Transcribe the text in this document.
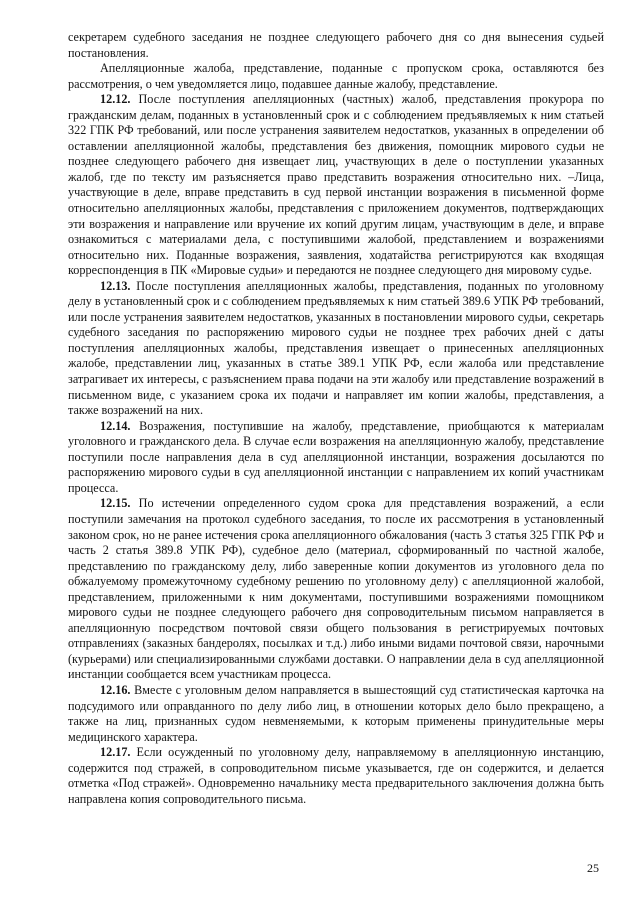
секретарем судебного заседания не позднее следующего рабочего дня со дня вынесения судьей постановления.

Апелляционные жалоба, представление, поданные с пропуском срока, оставляются без рассмотрения, о чем уведомляется лицо, подавшее данные жалобу, представление.

12.12. После поступления апелляционных (частных) жалоб, представления прокурора по гражданским делам, поданных в установленный срок и с соблюдением предъявляемых к ним статьей 322 ГПК РФ требований, или после устранения заявителем недостатков, указанных в определении об оставлении апелляционной жалобы, представления без движения, помощник мирового судьи не позднее следующего рабочего дня извещает лиц, участвующих в деле о поступлении указанных жалоб, где по тексту им разъясняется право представить возражения относительно них. –Лица, участвующие в деле, вправе представить в суд первой инстанции возражения в письменной форме относительно апелляционных жалобы, представления с приложением документов, подтверждающих эти возражения и направление или вручение их копий другим лицам, участвующим в деле, и вправе ознакомиться с материалами дела, с поступившими жалобой, представлением и возражениями относительно них. Поданные возражения, заявления, ходатайства регистрируются как входящая корреспонденция в ПК «Мировые судьи» и передаются не позднее следующего дня мировому судье.

12.13. После поступления апелляционных жалобы, представления, поданных по уголовному делу в установленный срок и с соблюдением предъявляемых к ним статьей 389.6 УПК РФ требований, или после устранения заявителем недостатков, указанных в постановлении мирового судьи, секретарь судебного заседания по распоряжению мирового судьи не позднее трех рабочих дней с даты поступления апелляционных жалобы, представления извещает о принесенных апелляционных жалобе, представлении лиц, указанных в статье 389.1 УПК РФ, если жалоба или представление затрагивает их интересы, с разъяснением права подачи на эти жалобу или представление возражений в письменном виде, с указанием срока их подачи и направляет им копии жалобы, представления, а также возражений на них.

12.14. Возражения, поступившие на жалобу, представление, приобщаются к материалам уголовного и гражданского дела. В случае если возражения на апелляционную жалобу, представление поступили после направления дела в суд апелляционной инстанции, возражения досылаются по распоряжению мирового судьи в суд апелляционной инстанции с направлением их копий участникам процесса.

12.15. По истечении определенного судом срока для представления возражений, а если поступили замечания на протокол судебного заседания, то после их рассмотрения в установленный законом срок, но не ранее истечения срока апелляционного обжалования (часть 3 статья 325 ГПК РФ и часть 2 статья 389.8 УПК РФ), судебное дело (материал, сформированный по частной жалобе, представлению по гражданскому делу, либо заверенные копии документов из уголовного дела по обжалуемому промежуточному судебному решению по уголовному делу) с апелляционной жалобой, представлением, приложенными к ним документами, поступившими возражениями помощником мирового судьи не позднее следующего рабочего дня сопроводительным письмом направляется в апелляционную посредством почтовой связи общего пользования в регистрируемых почтовых отправлениях (заказных бандеролях, посылках и т.д.) либо иными видами почтовой связи, нарочными (курьерами) или специализированными службами доставки. О направлении дела в суд апелляционной инстанции сообщается всем участникам процесса.

12.16. Вместе с уголовным делом направляется в вышестоящий суд статистическая карточка на подсудимого или оправданного по делу либо лиц, в отношении которых дело было прекращено, а также на лиц, признанных судом невменяемыми, к которым применены принудительные меры медицинского характера.

12.17. Если осужденный по уголовному делу, направляемому в апелляционную инстанцию, содержится под стражей, в сопроводительном письме указывается, где он содержится, и делается отметка «Под стражей». Одновременно начальнику места предварительного заключения должна быть направлена копия сопроводительного письма.

25
